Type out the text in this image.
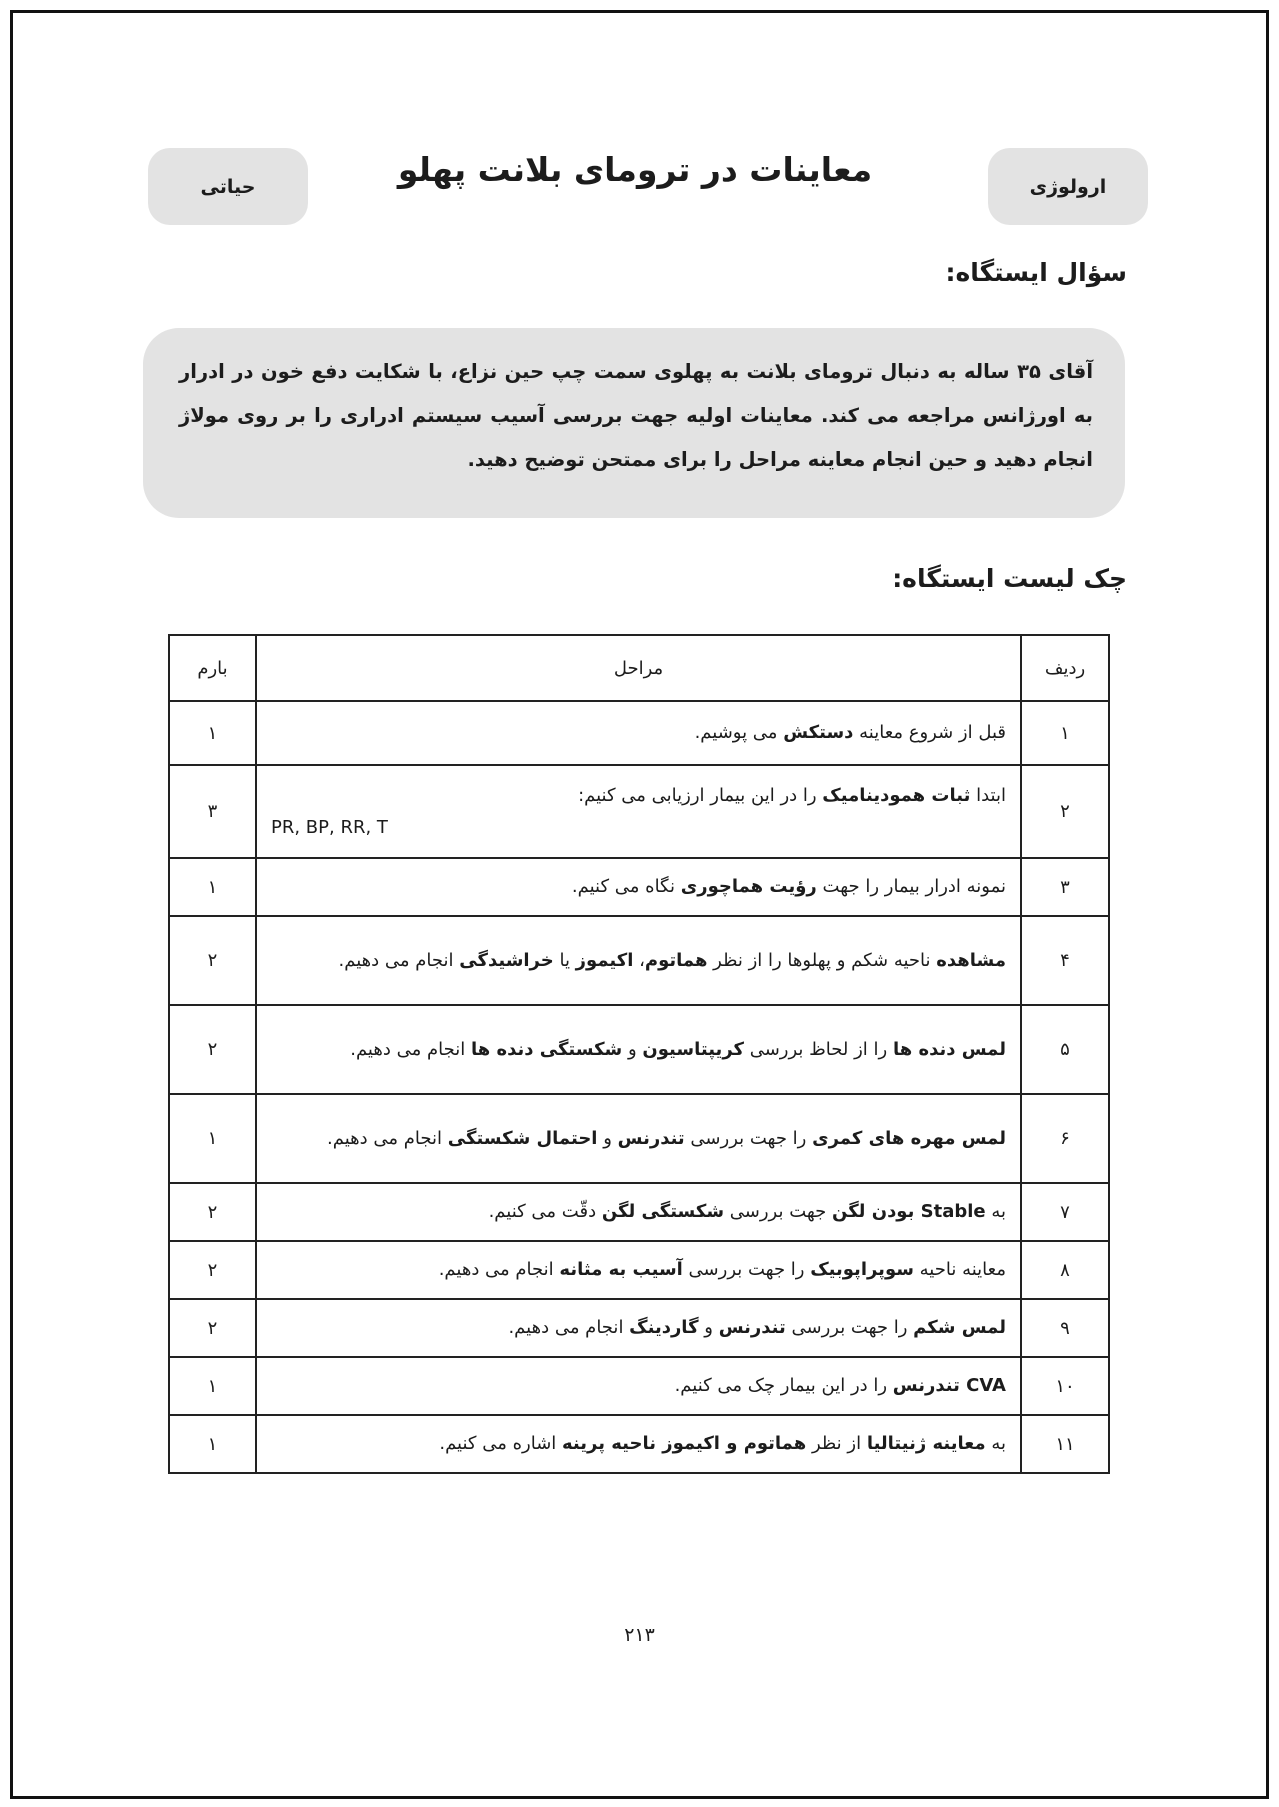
ارولوژی
معاینات در ترومای بلانت پهلو
حیاتی
سؤال ایستگاه:
آقای ۳۵ ساله به دنبال ترومای بلانت به پهلوی سمت چپ حین نزاع، با شکایت دفع خون در ادرار به اورژانس مراجعه می کند. معاینات اولیه جهت بررسی آسیب سیستم ادراری را بر روی مولاژ انجام دهید و حین انجام معاینه مراحل را برای ممتحن توضیح دهید.
چک لیست ایستگاه:
ردیف	مراحل	بارم
۱	قبل از شروع معاینه دستکش می پوشیم.	۱
۲	ابتدا ثبات همودینامیک را در این بیمار ارزیابی می کنیم:
PR, BP, RR, T	۳
۳	نمونه ادرار بیمار را جهت رؤیت هماچوری نگاه می کنیم.	۱
۴	مشاهده ناحیه شکم و پهلوها را از نظر هماتوم، اکیموز یا خراشیدگی انجام می دهیم.	۲
۵	لمس دنده ها را از لحاظ بررسی کریپتاسیون و شکستگی دنده ها انجام می دهیم.	۲
۶	لمس مهره های کمری را جهت بررسی تندرنس و احتمال شکستگی انجام می دهیم.	۱
۷	به Stable بودن لگن جهت بررسی شکستگی لگن دقّت می کنیم.	۲
۸	معاینه ناحیه سوپراپوبیک را جهت بررسی آسیب به مثانه انجام می دهیم.	۲
۹	لمس شکم را جهت بررسی تندرنس و گاردینگ انجام می دهیم.	۲
۱۰	CVA تندرنس را در این بیمار چک می کنیم.	۱
۱۱	به معاینه ژنیتالیا از نظر هماتوم و اکیموز ناحیه پرینه اشاره می کنیم.	۱
۲۱۳
